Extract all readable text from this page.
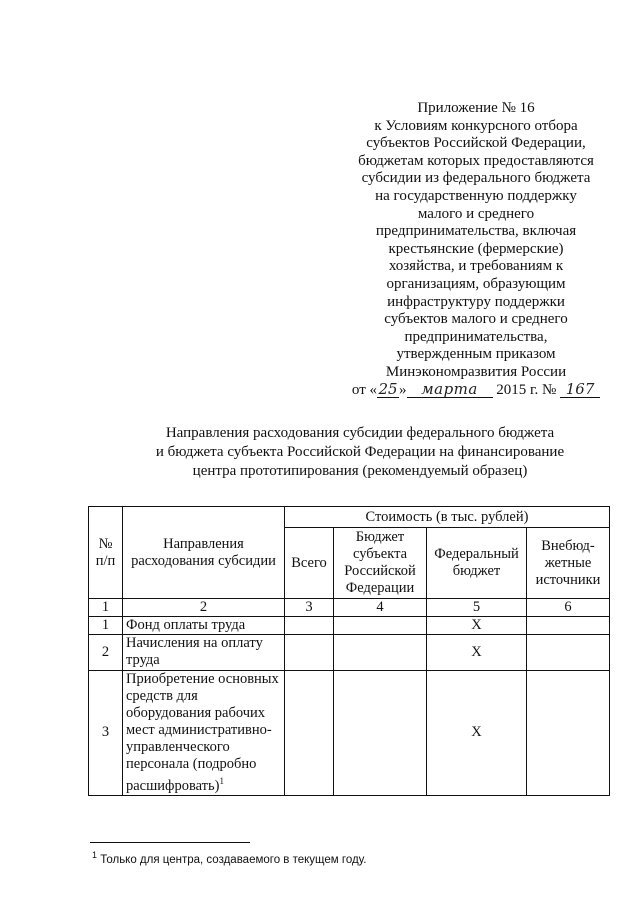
Приложение № 16
к Условиям конкурсного отбора
субъектов Российской Федерации,
бюджетам которых предоставляются
субсидии из федерального бюджета
на государственную поддержку
малого и среднего
предпринимательства, включая
крестьянские (фермерские)
хозяйства, и требованиям к
организациям, образующим
инфраструктуру поддержки
субъектов малого и среднего
предпринимательства,
утвержденным приказом
Минэкономразвития России
от «25» марта 2015 г. № 167
Направления расходования субсидии федерального бюджета
и бюджета субъекта Российской Федерации на финансирование
центра прототипирования (рекомендуемый образец)
№ п/п	Направления расходования субсидии	Стоимость (в тыс. рублей)			
		Всего	Бюджет субъекта Российской Федерации	Федеральный бюджет	Внебюд-жетные источники
1	2	3	4	5	6
1	Фонд оплаты труда			Х	
2	Начисления на оплату труда			Х	
3	Приобретение основных средств для оборудования рабочих мест административно-управленческого персонала (подробно расшифровать)$^1$			Х	
$^1$ Только для центра, создаваемого в текущем году.
